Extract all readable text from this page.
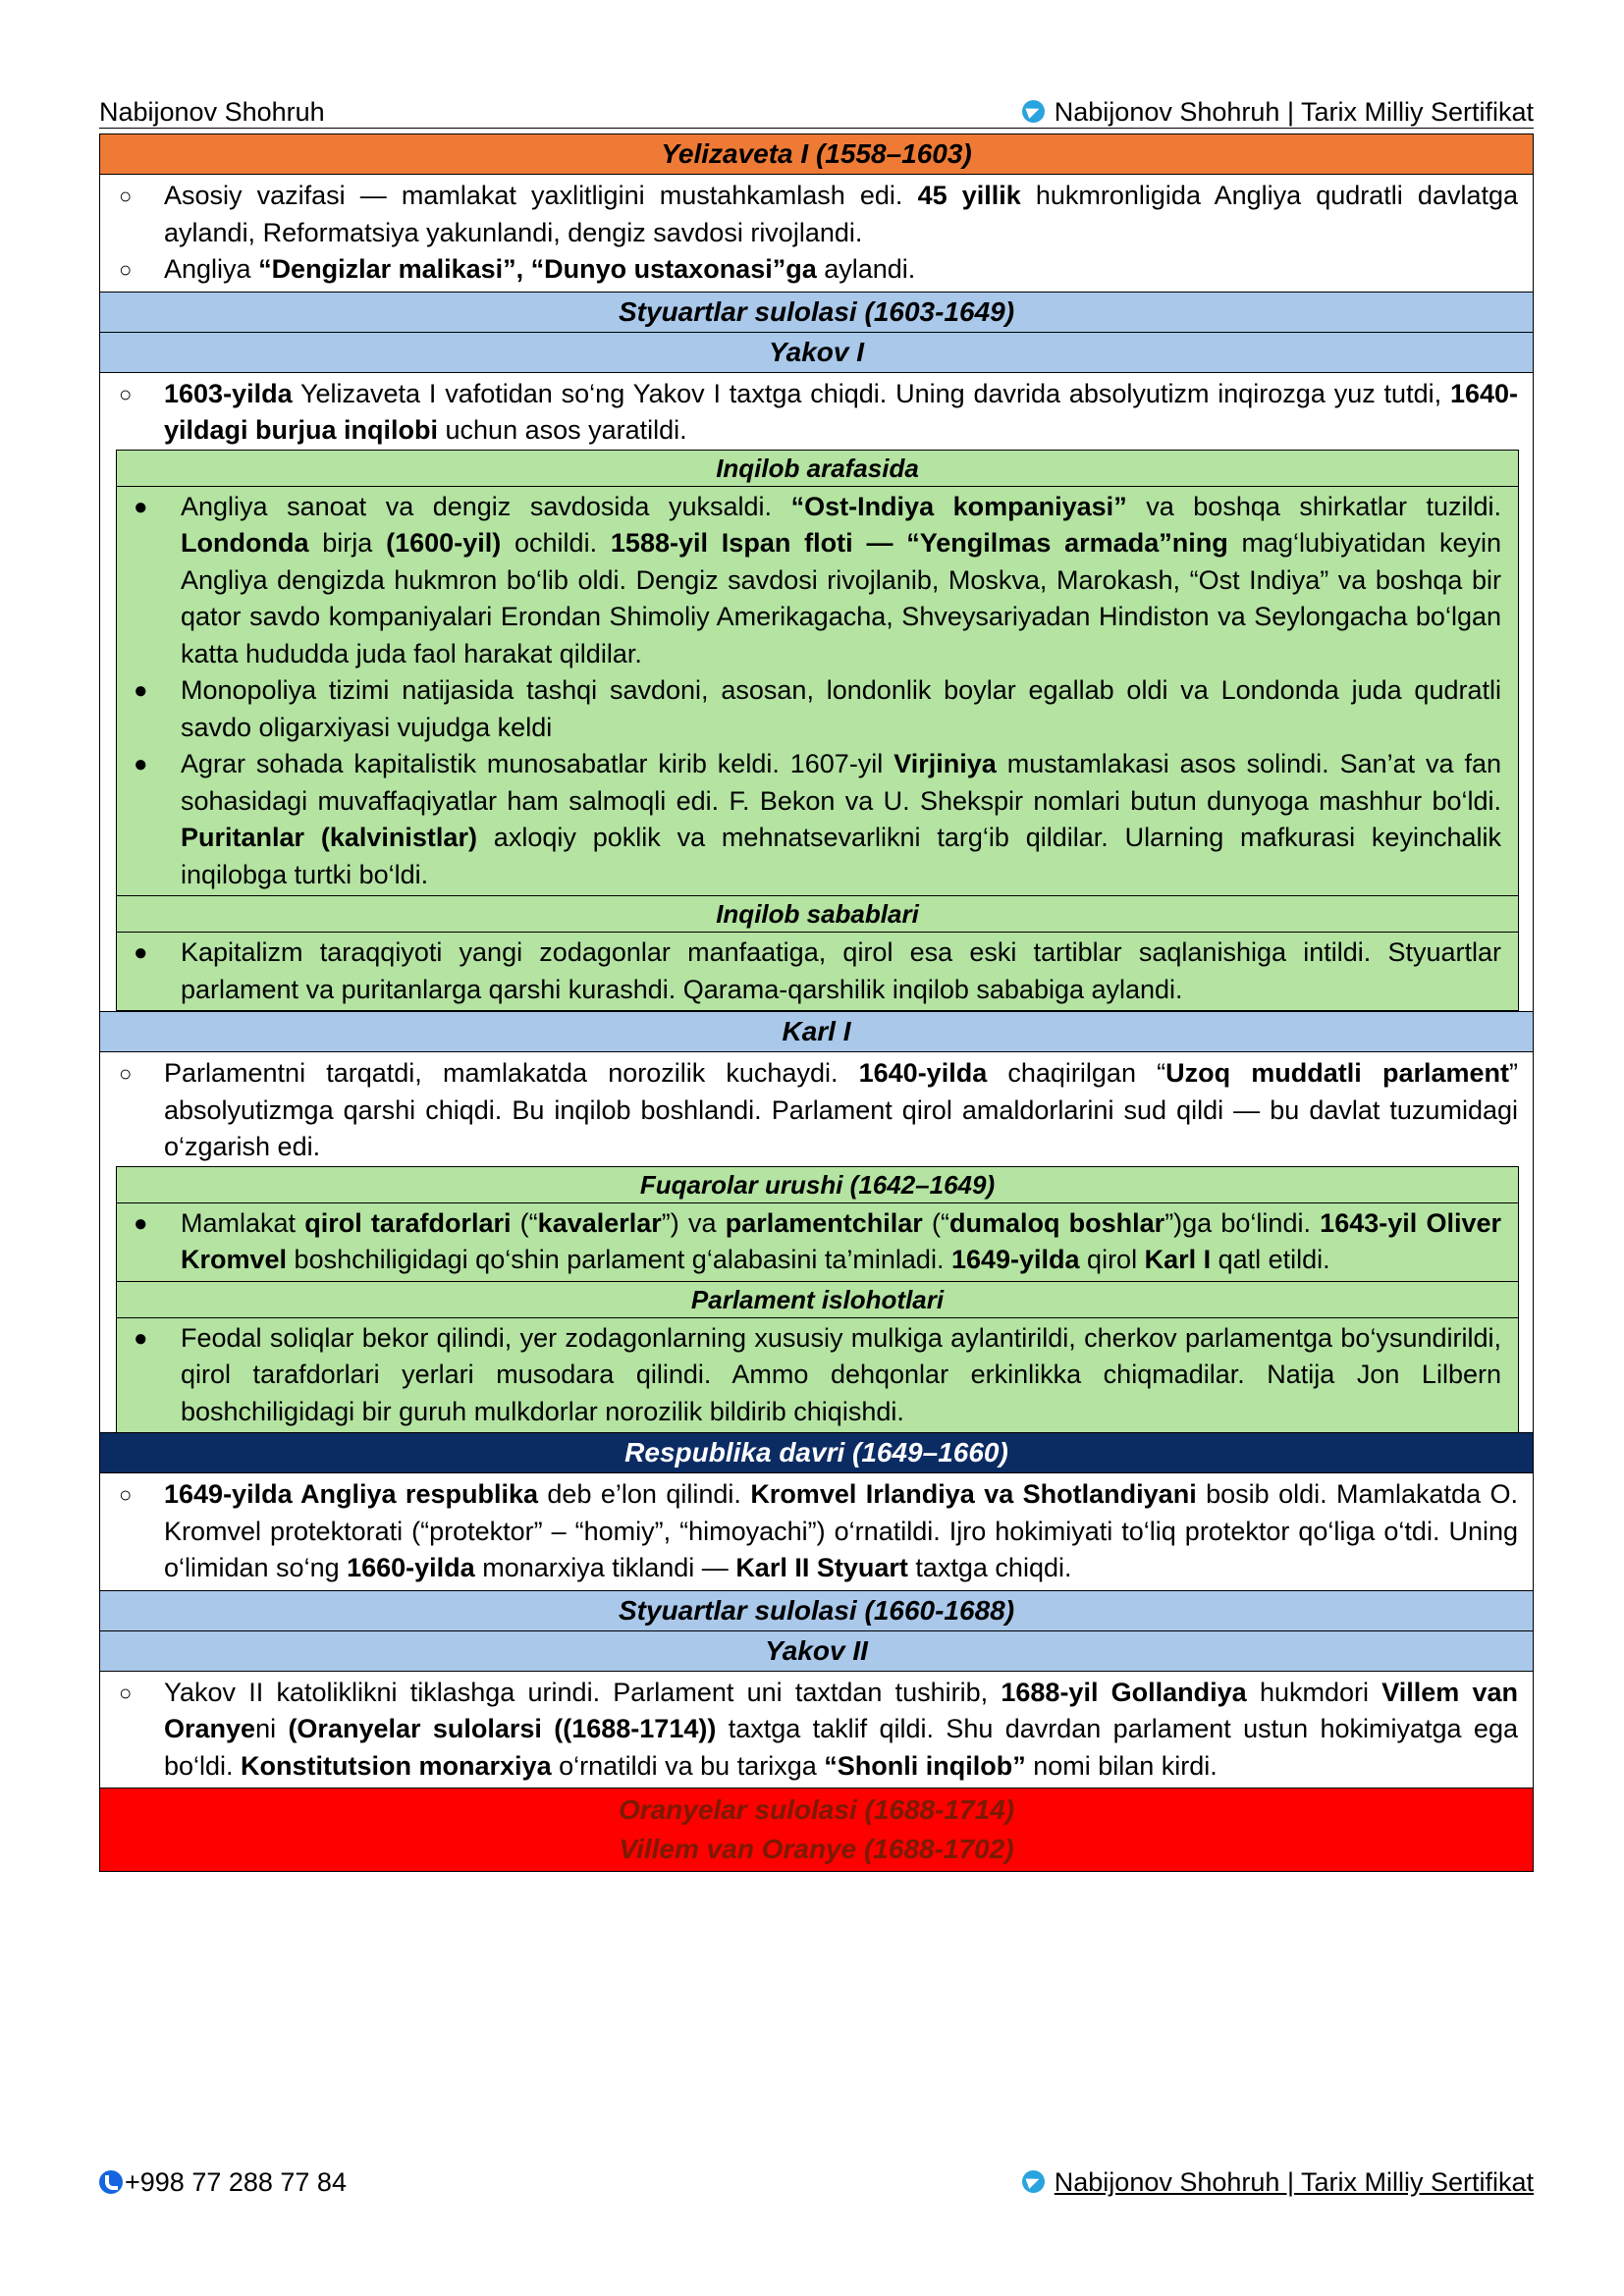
Nabijonov Shohruh	Nabijonov Shohruh | Tarix Milliy Sertifikat
Yelizaveta I (1558–1603)
○ Asosiy vazifasi — mamlakat yaxlitligini mustahkamlash edi. 45 yillik hukmronligida Angliya qudratli davlatga aylandi, Reformatsiya yakunlandi, dengiz savdosi rivojlandi.
○ Angliya “Dengizlar malikasi”, “Dunyo ustaxonasi”ga aylandi.
Styuartlar sulolasi (1603-1649)
Yakov I
○ 1603-yilda Yelizaveta I vafotidan so‘ng Yakov I taxtga chiqdi. Uning davrida absolyutizm inqirozga yuz tutdi, 1640-yildagi burjua inqilobi uchun asos yaratildi.
Inqilob arafasida
● Angliya sanoat va dengiz savdosida yuksaldi. “Ost-Indiya kompaniyasi” va boshqa shirkatlar tuzildi. Londonda birja (1600-yil) ochildi. 1588-yil Ispan floti — “Yengilmas armada”ning mag‘lubiyatidan keyin Angliya dengizda hukmron bo‘lib oldi. Dengiz savdosi rivojlanib, Moskva, Marokash, “Ost Indiya” va boshqa bir qator savdo kompaniyalari Erondan Shimoliy Amerikagacha, Shveysariyadan Hindiston va Seylongacha bo‘lgan katta hududda juda faol harakat qildilar.
● Monopoliya tizimi natijasida tashqi savdoni, asosan, londonlik boylar egallab oldi va Londonda juda qudratli savdo oligarxiyasi vujudga keldi
● Agrar sohada kapitalistik munosabatlar kirib keldi. 1607-yil Virjiniya mustamlakasi asos solindi. San’at va fan sohasidagi muvaffaqiyatlar ham salmoqli edi. F. Bekon va U. Shekspir nomlari butun dunyoga mashhur bo‘ldi. Puritanlar (kalvinistlar) axloqiy poklik va mehnatsevarlikni targ‘ib qildilar. Ularning mafkurasi keyinchalik inqilobga turtki bo‘ldi.
Inqilob sabablari
● Kapitalizm taraqqiyoti yangi zodagonlar manfaatiga, qirol esa eski tartiblar saqlanishiga intildi. Styuartlar parlament va puritanlarga qarshi kurashdi. Qarama-qarshilik inqilob sababiga aylandi.
Karl I
○ Parlamentni tarqatdi, mamlakatda norozilik kuchaydi. 1640-yilda chaqirilgan “Uzoq muddatli parlament” absolyutizmga qarshi chiqdi. Bu inqilob boshlandi. Parlament qirol amaldorlarini sud qildi — bu davlat tuzumidagi o‘zgarish edi.
Fuqarolar urushi (1642–1649)
● Mamlakat qirol tarafdorlari (“kavalerlar”) va parlamentchilar (“dumaloq boshlar”)ga bo‘lindi. 1643-yil Oliver Kromvel boshchiligidagi qo‘shin parlament g‘alabasini ta’minladi. 1649-yilda qirol Karl I qatl etildi.
Parlament islohotlari
● Feodal soliqlar bekor qilindi, yer zodagonlarning xususiy mulkiga aylantirildi, cherkov parlamentga bo‘ysundirildi, qirol tarafdorlari yerlari musodara qilindi. Ammo dehqonlar erkinlikka chiqmadilar. Natija Jon Lilbern boshchiligidagi bir guruh mulkdorlar norozilik bildirib chiqishdi.
Respublika davri (1649–1660)
○ 1649-yilda Angliya respublika deb e’lon qilindi. Kromvel Irlandiya va Shotlandiyani bosib oldi. Mamlakatda O. Kromvel protektorati (“protektor” – “homiy”, “himoyachi”) o‘rnatildi. Ijro hokimiyati to‘liq protektor qo‘liga o‘tdi. Uning o‘limidan so‘ng 1660-yilda monarxiya tiklandi — Karl II Styuart taxtga chiqdi.
Styuartlar sulolasi (1660-1688)
Yakov II
○ Yakov II katoliklikni tiklashga urindi. Parlament uni taxtdan tushirib, 1688-yil Gollandiya hukmdori Villem van Oranyeni (Oranyelar sulolarsi ((1688-1714)) taxtga taklif qildi. Shu davrdan parlament ustun hokimiyatga ega bo‘ldi. Konstitutsion monarxiya o‘rnatildi va bu tarixga “Shonli inqilob” nomi bilan kirdi.
Oranyelar sulolasi (1688-1714)
Villem van Oranye (1688-1702)
+998 77 288 77 84	Nabijonov Shohruh | Tarix Milliy Sertifikat
